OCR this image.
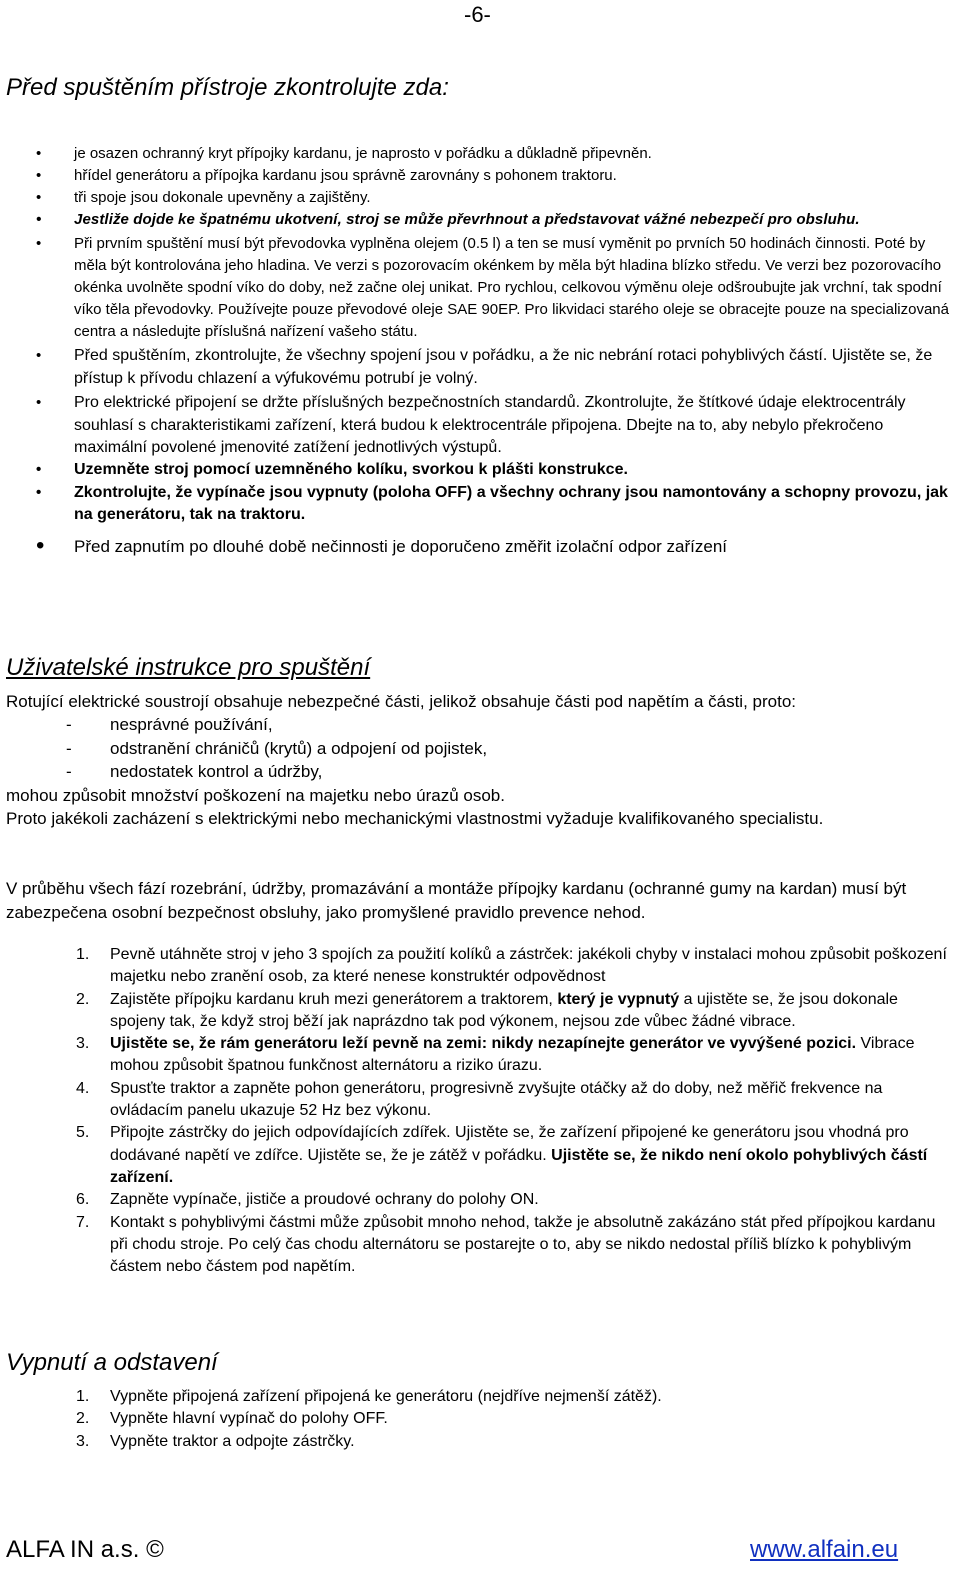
-6-
Před spuštěním přístroje zkontrolujte zda:
• je osazen ochranný kryt přípojky kardanu, je naprosto v pořádku a důkladně připevněn.
• hřídel generátoru a přípojka kardanu jsou správně zarovnány s pohonem traktoru.
• tři spoje jsou dokonale upevněny a zajištěny.
• Jestliže dojde ke špatnému ukotvení, stroj se může převrhnout a představovat vážné nebezpečí pro obsluhu.
• Při prvním spuštění musí být převodovka vyplněna olejem (0.5 l) a ten se musí vyměnit po prvních 50 hodinách činnosti. Poté by měla být kontrolována jeho hladina. Ve verzi s pozorovacím okénkem by měla být hladina blízko středu. Ve verzi bez pozorovacího okénka uvolněte spodní víko do doby, než začne olej unikat. Pro rychlou, celkovou výměnu oleje odšroubujte jak vrchní, tak spodní víko těla převodovky. Používejte pouze převodové oleje SAE 90EP. Pro likvidaci starého oleje se obracejte pouze na specializovaná centra a následujte příslušná nařízení vašeho státu.
• Před spuštěním, zkontrolujte, že všechny spojení jsou v pořádku, a že nic nebrání rotaci pohyblivých částí. Ujistěte se, že přístup k přívodu chlazení a výfukovému potrubí je volný.
• Pro elektrické připojení se držte příslušných bezpečnostních standardů. Zkontrolujte, že štítkové údaje elektrocentrály souhlasí s charakteristikami zařízení, která budou k elektrocentrále připojena. Dbejte na to, aby nebylo překročeno maximální povolené jmenovité zatížení jednotlivých výstupů.
• Uzemněte stroj pomocí uzemněného kolíku, svorkou k plášti konstrukce.
• Zkontrolujte, že vypínače jsou vypnuty (poloha OFF) a všechny ochrany jsou namontovány a schopny provozu, jak na generátoru, tak na traktoru.
• Před zapnutím po dlouhé době nečinnosti je doporučeno změřit izolační odpor zařízení
Uživatelské instrukce pro spuštění
Rotující elektrické soustrojí obsahuje nebezpečné části, jelikož obsahuje části pod napětím a části, proto:
- nesprávné používání,
- odstranění chráničů (krytů) a odpojení od pojistek,
- nedostatek kontrol a údržby,
mohou způsobit množství poškození na majetku nebo úrazů osob.
Proto jakékoli zacházení s elektrickými nebo mechanickými vlastnostmi vyžaduje kvalifikovaného specialistu.
V průběhu všech fází rozebrání, údržby, promazávání a montáže přípojky kardanu (ochranné gumy na kardan) musí být zabezpečena osobní bezpečnost obsluhy, jako promyšlené pravidlo prevence nehod.
1. Pevně utáhněte stroj v jeho 3 spojích za použití kolíků a zástrček: jakékoli chyby v instalaci mohou způsobit poškození majetku nebo zranění osob, za které nenese konstruktér odpovědnost
2. Zajistěte přípojku kardanu kruh mezi generátorem a traktorem, který je vypnutý a ujistěte se, že jsou dokonale spojeny tak, že když stroj běží jak naprázdno tak pod výkonem, nejsou zde vůbec žádné vibrace.
3. Ujistěte se, že rám generátoru leží pevně na zemi: nikdy nezapínejte generátor ve vyvýšené pozici. Vibrace mohou způsobit špatnou funkčnost alternátoru a riziko úrazu.
4. Spusťte traktor a zapněte pohon generátoru, progresivně zvyšujte otáčky až do doby, než měřič frekvence na ovládacím panelu ukazuje 52 Hz bez výkonu.
5. Připojte zástrčky do jejich odpovídajících zdířek. Ujistěte se, že zařízení připojené ke generátoru jsou vhodná pro dodávané napětí ve zdířce. Ujistěte se, že je zátěž v pořádku. Ujistěte se, že nikdo není okolo pohyblivých částí zařízení.
6. Zapněte vypínače, jističe a proudové ochrany do polohy ON.
7. Kontakt s pohyblivými částmi může způsobit mnoho nehod, takže je absolutně zakázáno stát před přípojkou kardanu při chodu stroje. Po celý čas chodu alternátoru se postarejte o to, aby se nikdo nedostal příliš blízko k pohyblivým částem nebo částem pod napětím.
Vypnutí a odstavení
1. Vypněte připojená zařízení připojená ke generátoru (nejdříve nejmenší zátěž).
2. Vypněte hlavní vypínač do polohy OFF.
3. Vypněte traktor a odpojte zástrčky.
ALFA IN a.s. ©	www.alfain.eu
